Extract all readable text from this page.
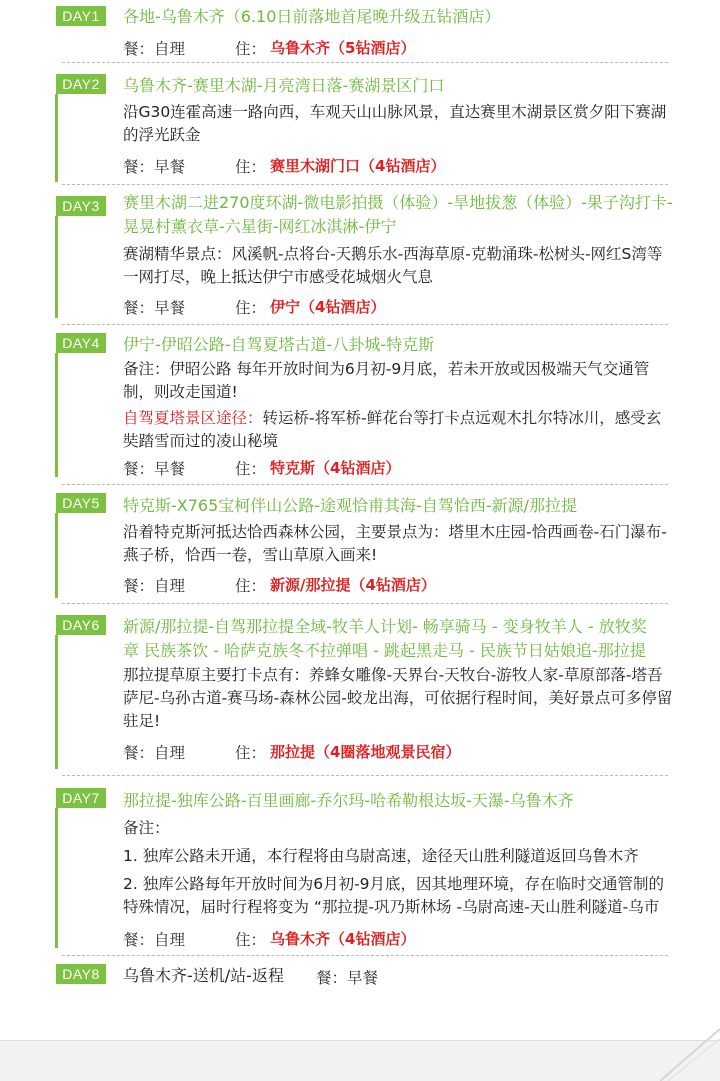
DAY1	各地-乌鲁木齐（6.10日前落地首尾晚升级五钻酒店）
餐：自理	住： 乌鲁木齐（5钻酒店）
DAY2	乌鲁木齐-赛里木湖-月亮湾日落-赛湖景区门口
沿G30连霍高速一路向西，车观天山山脉风景，直达赛里木湖景区赏夕阳下赛湖的浮光跃金
餐：早餐	住： 赛里木湖门口（4钻酒店）
DAY3	赛里木湖二进270度环湖-微电影拍摄（体验）-旱地拔葱（体验）-果子沟打卡-晃晃村薰衣草-六星街-网红冰淇淋-伊宁
赛湖精华景点：风溪帆-点将台-天鹅乐水-西海草原-克勒涌珠-松树头-网红S湾等一网打尽，晚上抵达伊宁市感受花城烟火气息
餐：早餐	住： 伊宁（4钻酒店）
DAY4	伊宁-伊昭公路-自驾夏塔古道-八卦城-特克斯
备注：伊昭公路 每年开放时间为6月初-9月底，若未开放或因极端天气交通管制，则改走国道!
自驾夏塔景区途径：转运桥-将军桥-鲜花台等打卡点远观木扎尔特冰川，感受玄奘踏雪而过的凌山秘境
餐：早餐	住： 特克斯（4钻酒店）
DAY5	特克斯-X765宝柯伴山公路-途观恰甫其海-自驾恰西-新源/那拉提
沿着特克斯河抵达恰西森林公园，主要景点为：塔里木庄园-恰西画卷-石门瀑布-燕子桥，恰西一卷，雪山草原入画来!
餐：自理	住： 新源/那拉提（4钻酒店）
DAY6	新源/那拉提-自驾那拉提全域-牧羊人计划- 畅享骑马 - 变身牧羊人 - 放牧奖章 民族茶饮 - 哈萨克族冬不拉弹唱 - 跳起黑走马 - 民族节日姑娘追-那拉提
那拉提草原主要打卡点有：养蜂女雕像-天界台-天牧台-游牧人家-草原部落-塔吾萨尼-乌孙古道-赛马场-森林公园-蛟龙出海，可依据行程时间，美好景点可多停留驻足!
餐：自理	住： 那拉提（4圈落地观景民宿）
DAY7	那拉提-独库公路-百里画廊-乔尔玛-哈希勒根达坂-天瀑-乌鲁木齐
备注：
1. 独库公路未开通，本行程将由乌尉高速，途径天山胜利隧道返回乌鲁木齐
2. 独库公路每年开放时间为6月初-9月底，因其地理环境，存在临时交通管制的特殊情况，届时行程将变为 “那拉提-巩乃斯林场 -乌尉高速-天山胜利隧道-乌市
餐：自理	住： 乌鲁木齐（4钻酒店）
DAY8	乌鲁木齐-送机/站-返程	餐：早餐
